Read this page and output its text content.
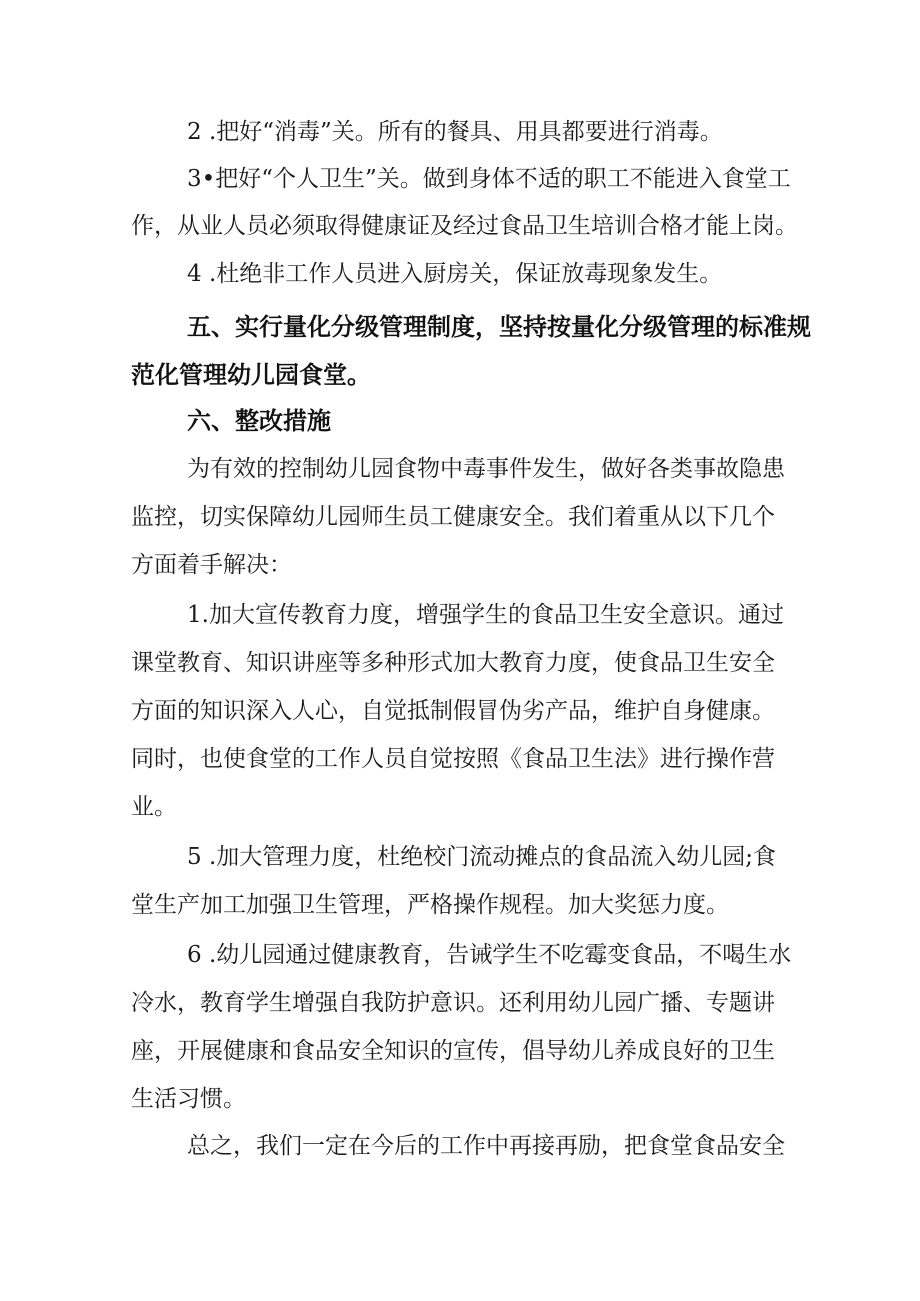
2 .把好“消毒”关。所有的餐具、用具都要进行消毒。

3•把好“个人卫生”关。做到身体不适的职工不能进入食堂工

作，从业人员必须取得健康证及经过食品卫生培训合格才能上岗。

4 .杜绝非工作人员进入厨房关，保证放毒现象发生。

五、实行量化分级管理制度，坚持按量化分级管理的标准规

范化管理幼儿园食堂。

六、整改措施

为有效的控制幼儿园食物中毒事件发生，做好各类事故隐患

监控，切实保障幼儿园师生员工健康安全。我们着重从以下几个

方面着手解决：

1.加大宣传教育力度，增强学生的食品卫生安全意识。通过

课堂教育、知识讲座等多种形式加大教育力度，使食品卫生安全

方面的知识深入人心，自觉抵制假冒伪劣产品，维护自身健康。

同时，也使食堂的工作人员自觉按照《食品卫生法》进行操作营

业。

5 .加大管理力度，杜绝校门流动摊点的食品流入幼儿园;食

堂生产加工加强卫生管理，严格操作规程。加大奖惩力度。

6 .幼儿园通过健康教育，告诫学生不吃霉变食品，不喝生水

冷水，教育学生增强自我防护意识。还利用幼儿园广播、专题讲

座，开展健康和食品安全知识的宣传，倡导幼儿养成良好的卫生

生活习惯。

总之，我们一定在今后的工作中再接再励，把食堂食品安全
